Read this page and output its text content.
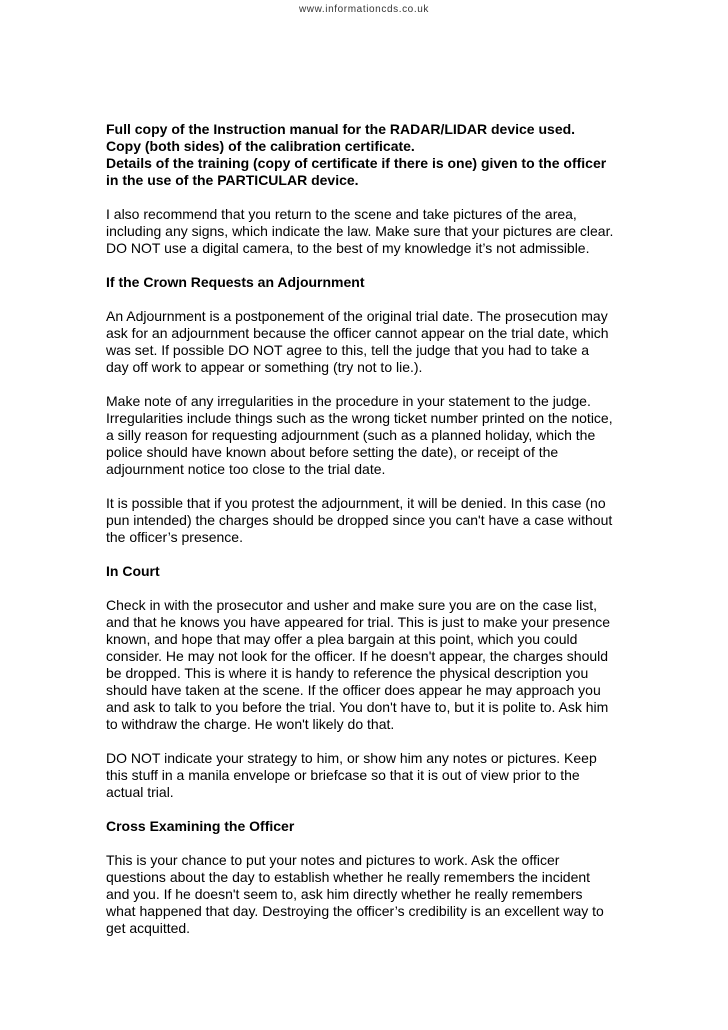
www.informationcds.co.uk

Full copy of the Instruction manual for the RADAR/LIDAR device used.
Copy (both sides) of the calibration certificate.
Details of the training (copy of certificate if there is one) given to the officer
in the use of the PARTICULAR device.

I also recommend that you return to the scene and take pictures of the area,
including any signs, which indicate the law. Make sure that your pictures are clear.
DO NOT use a digital camera, to the best of my knowledge it’s not admissible.

If the Crown Requests an Adjournment

An Adjournment is a postponement of the original trial date. The prosecution may
ask for an adjournment because the officer cannot appear on the trial date, which
was set. If possible DO NOT agree to this, tell the judge that you had to take a
day off work to appear or something (try not to lie.).

Make note of any irregularities in the procedure in your statement to the judge.
Irregularities include things such as the wrong ticket number printed on the notice,
a silly reason for requesting adjournment (such as a planned holiday, which the
police should have known about before setting the date), or receipt of the
adjournment notice too close to the trial date.

It is possible that if you protest the adjournment, it will be denied. In this case (no
pun intended) the charges should be dropped since you can't have a case without
the officer’s presence.

In Court

Check in with the prosecutor and usher and make sure you are on the case list,
and that he knows you have appeared for trial. This is just to make your presence
known, and hope that may offer a plea bargain at this point, which you could
consider. He may not look for the officer. If he doesn't appear, the charges should
be dropped. This is where it is handy to reference the physical description you
should have taken at the scene. If the officer does appear he may approach you
and ask to talk to you before the trial. You don't have to, but it is polite to. Ask him
to withdraw the charge. He won't likely do that.

DO NOT indicate your strategy to him, or show him any notes or pictures. Keep
this stuff in a manila envelope or briefcase so that it is out of view prior to the
actual trial.

Cross Examining the Officer

This is your chance to put your notes and pictures to work. Ask the officer
questions about the day to establish whether he really remembers the incident
and you. If he doesn't seem to, ask him directly whether he really remembers
what happened that day. Destroying the officer’s credibility is an excellent way to
get acquitted.
